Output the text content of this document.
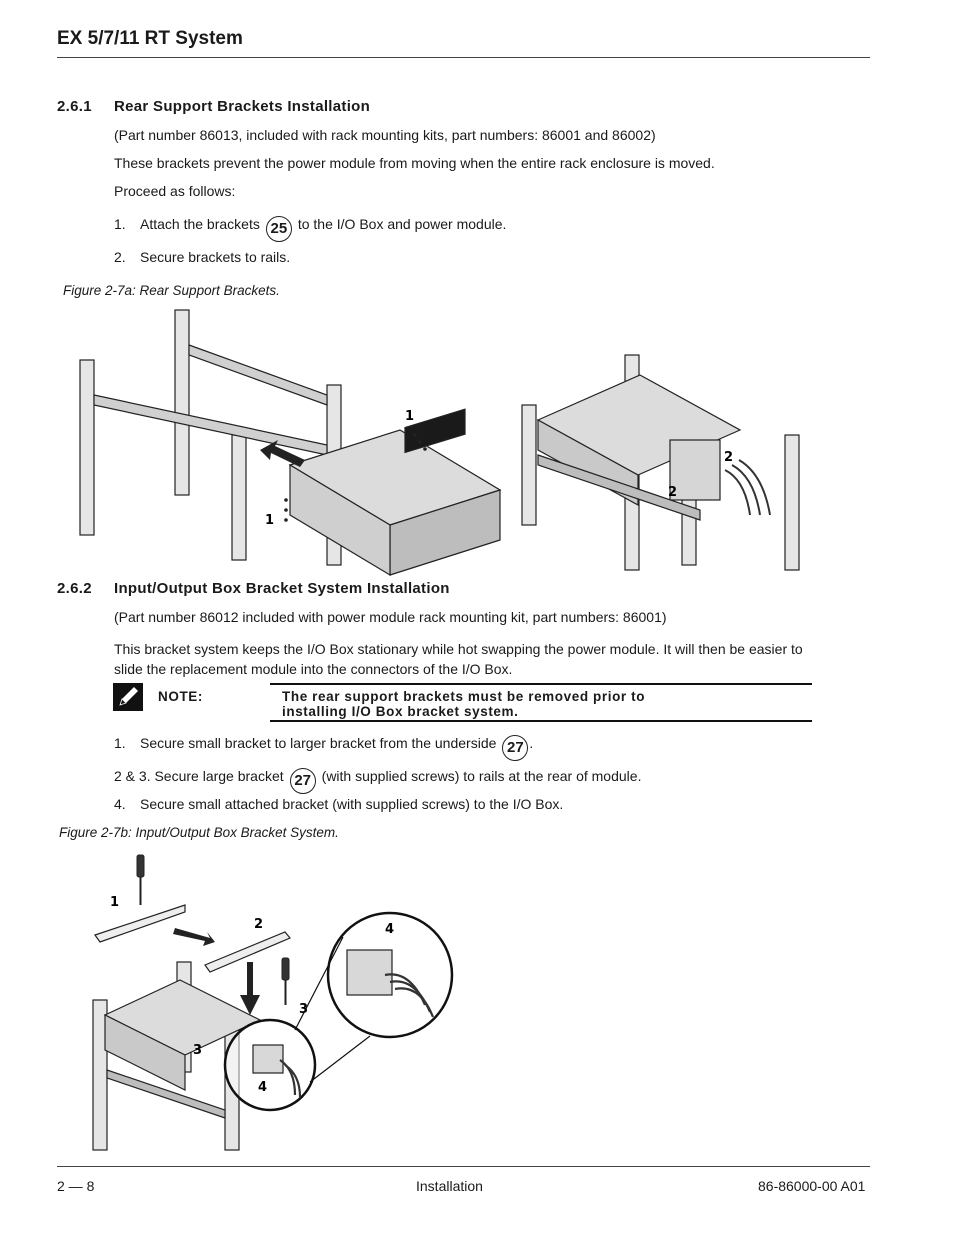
EX 5/7/11 RT System
2.6.1 Rear Support Brackets Installation
(Part number 86013, included with rack mounting kits, part numbers: 86001 and 86002)
These brackets prevent the power module from moving when the entire rack enclosure is moved.
Proceed as follows:
1. Attach the brackets 25 to the I/O Box and power module.
2. Secure brackets to rails.
Figure 2-7a: Rear Support Brackets.
1
1
2
2
2.6.2 Input/Output Box Bracket System Installation
(Part number 86012 included with power module rack mounting kit, part numbers: 86001)
This bracket system keeps the I/O Box stationary while hot swapping the power module. It will then be easier to slide the replacement module into the connectors of the I/O Box.
NOTE:	The rear support brackets must be removed prior to
installing I/O Box bracket system.
1. Secure small bracket to larger bracket from the underside 27 .
2 & 3. Secure large bracket 27 (with supplied screws) to rails at the rear of module.
4. Secure small attached bracket (with supplied screws) to the I/O Box.
Figure 2-7b: Input/Output Box Bracket System.
1
2
3
3
4
4
2 — 8	Installation	86-86000-00 A01
